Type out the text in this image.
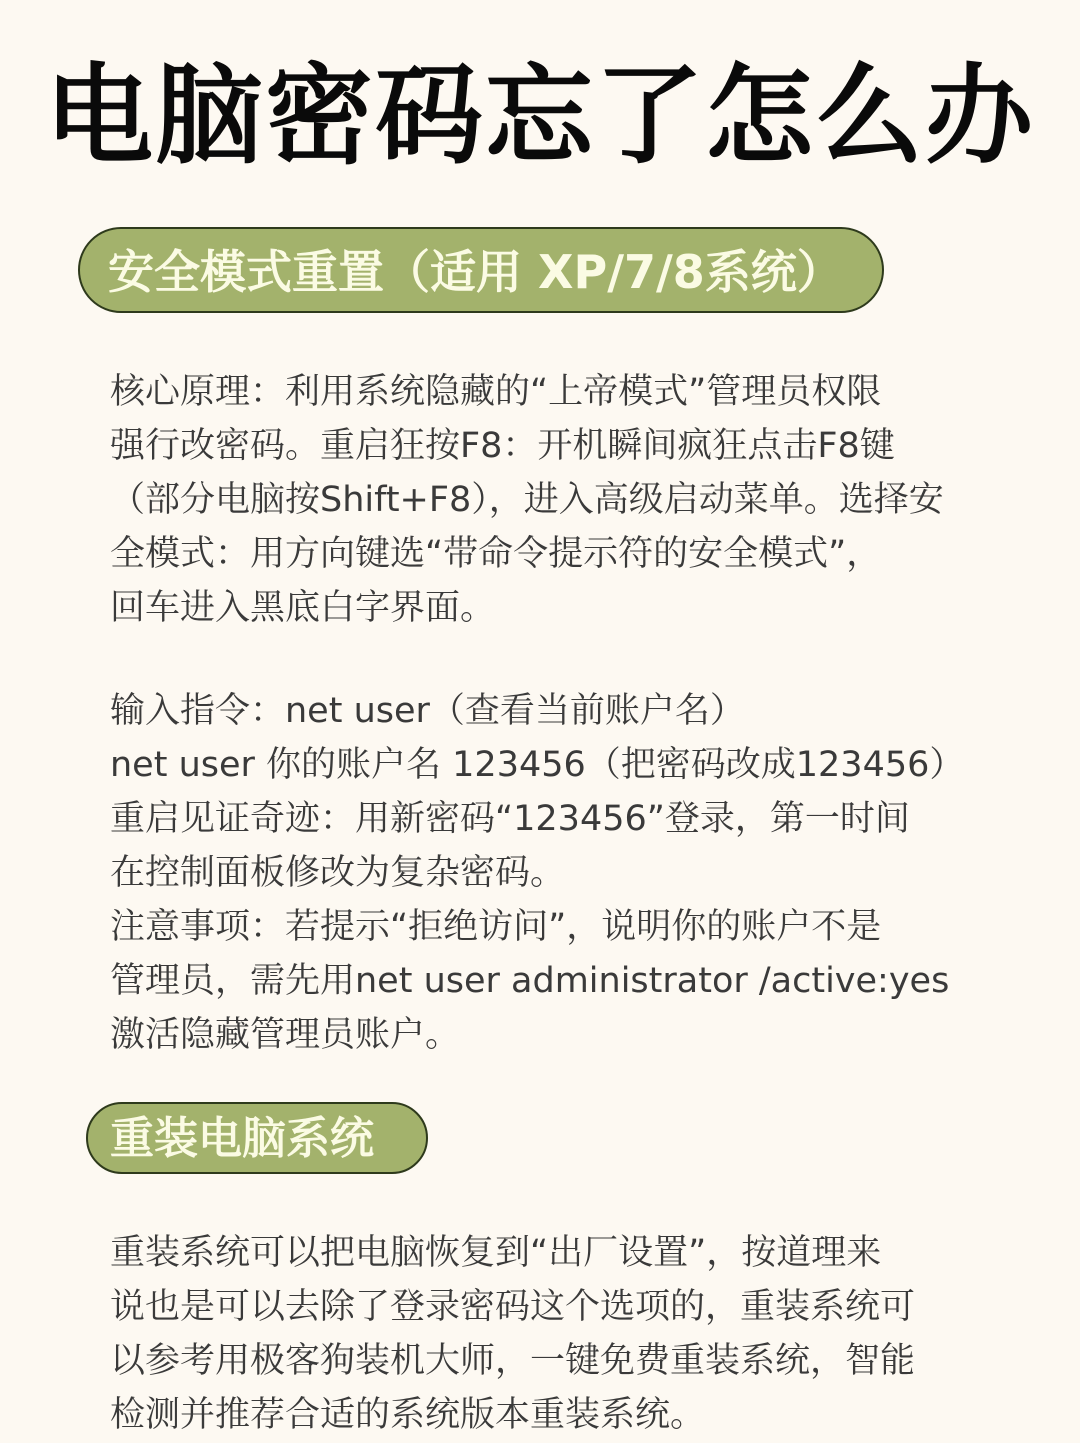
电脑密码忘了怎么办
安全模式重置（适用 XP/7/8系统）
核心原理：利用系统隐藏的“上帝模式”管理员权限
强行改密码。重启狂按F8：开机瞬间疯狂点击F8键
（部分电脑按Shift+F8），进入高级启动菜单。选择安
全模式：用方向键选“带命令提示符的安全模式”，
回车进入黑底白字界面。
输入指令：net user（查看当前账户名）
net user 你的账户名 123456（把密码改成123456）
重启见证奇迹：用新密码“123456”登录，第一时间
在控制面板修改为复杂密码。
注意事项：若提示“拒绝访问”，说明你的账户不是
管理员，需先用net user administrator /active:yes
激活隐藏管理员账户。
重装电脑系统
重装系统可以把电脑恢复到“出厂设置”，按道理来
说也是可以去除了登录密码这个选项的，重装系统可
以参考用极客狗装机大师，一键免费重装系统，智能
检测并推荐合适的系统版本重装系统。
